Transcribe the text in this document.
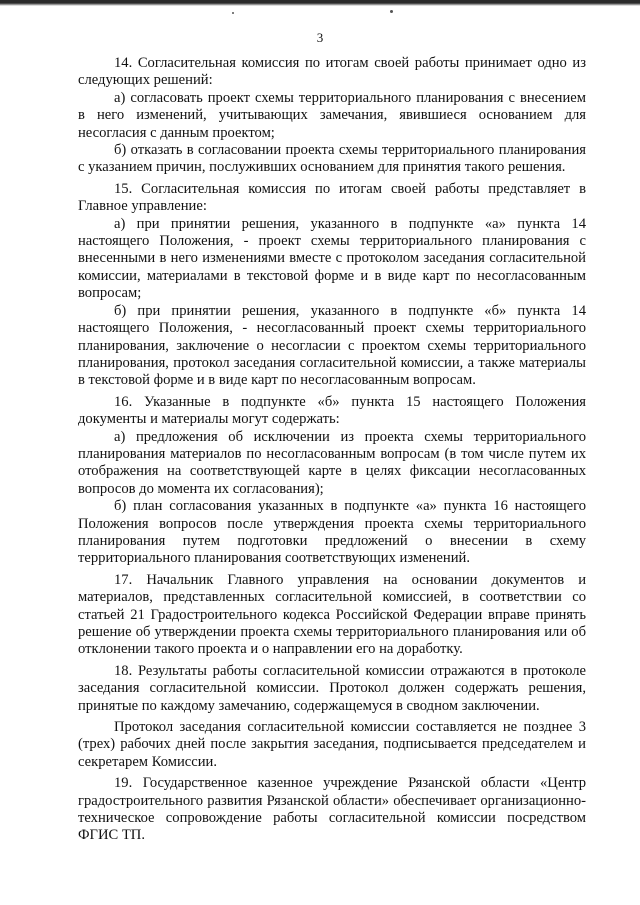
3

14. Согласительная комиссия по итогам своей работы принимает одно из следующих решений:

а) согласовать проект схемы территориального планирования с внесением в него изменений, учитывающих замечания, явившиеся основанием для несогласия с данным проектом;

б) отказать в согласовании проекта схемы территориального планирования с указанием причин, послуживших основанием для принятия такого решения.

15. Согласительная комиссия по итогам своей работы представляет в Главное управление:

а) при принятии решения, указанного в подпункте «а» пункта 14 настоящего Положения, - проект схемы территориального планирования с внесенными в него изменениями вместе с протоколом заседания согласительной комиссии, материалами в текстовой форме и в виде карт по несогласованным вопросам;

б) при принятии решения, указанного в подпункте «б» пункта 14 настоящего Положения, - несогласованный проект схемы территориального планирования, заключение о несогласии с проектом схемы территориального планирования, протокол заседания согласительной комиссии, а также материалы в текстовой форме и в виде карт по несогласованным вопросам.

16. Указанные в подпункте «б» пункта 15 настоящего Положения документы и материалы могут содержать:

а) предложения об исключении из проекта схемы территориального планирования материалов по несогласованным вопросам (в том числе путем их отображения на соответствующей карте в целях фиксации несогласованных вопросов до момента их согласования);

б) план согласования указанных в подпункте «а» пункта 16 настоящего Положения вопросов после утверждения проекта схемы территориального планирования путем подготовки предложений о внесении в схему территориального планирования соответствующих изменений.

17. Начальник Главного управления на основании документов и материалов, представленных согласительной комиссией, в соответствии со статьей 21 Градостроительного кодекса Российской Федерации вправе принять решение об утверждении проекта схемы территориального планирования или об отклонении такого проекта и о направлении его на доработку.

18. Результаты работы согласительной комиссии отражаются в протоколе заседания согласительной комиссии. Протокол должен содержать решения, принятые по каждому замечанию, содержащемуся в сводном заключении.

Протокол заседания согласительной комиссии составляется не позднее 3 (трех) рабочих дней после закрытия заседания, подписывается председателем и секретарем Комиссии.

19. Государственное казенное учреждение Рязанской области «Центр градостроительного развития Рязанской области» обеспечивает организационно-техническое сопровождение работы согласительной комиссии посредством ФГИС ТП.
